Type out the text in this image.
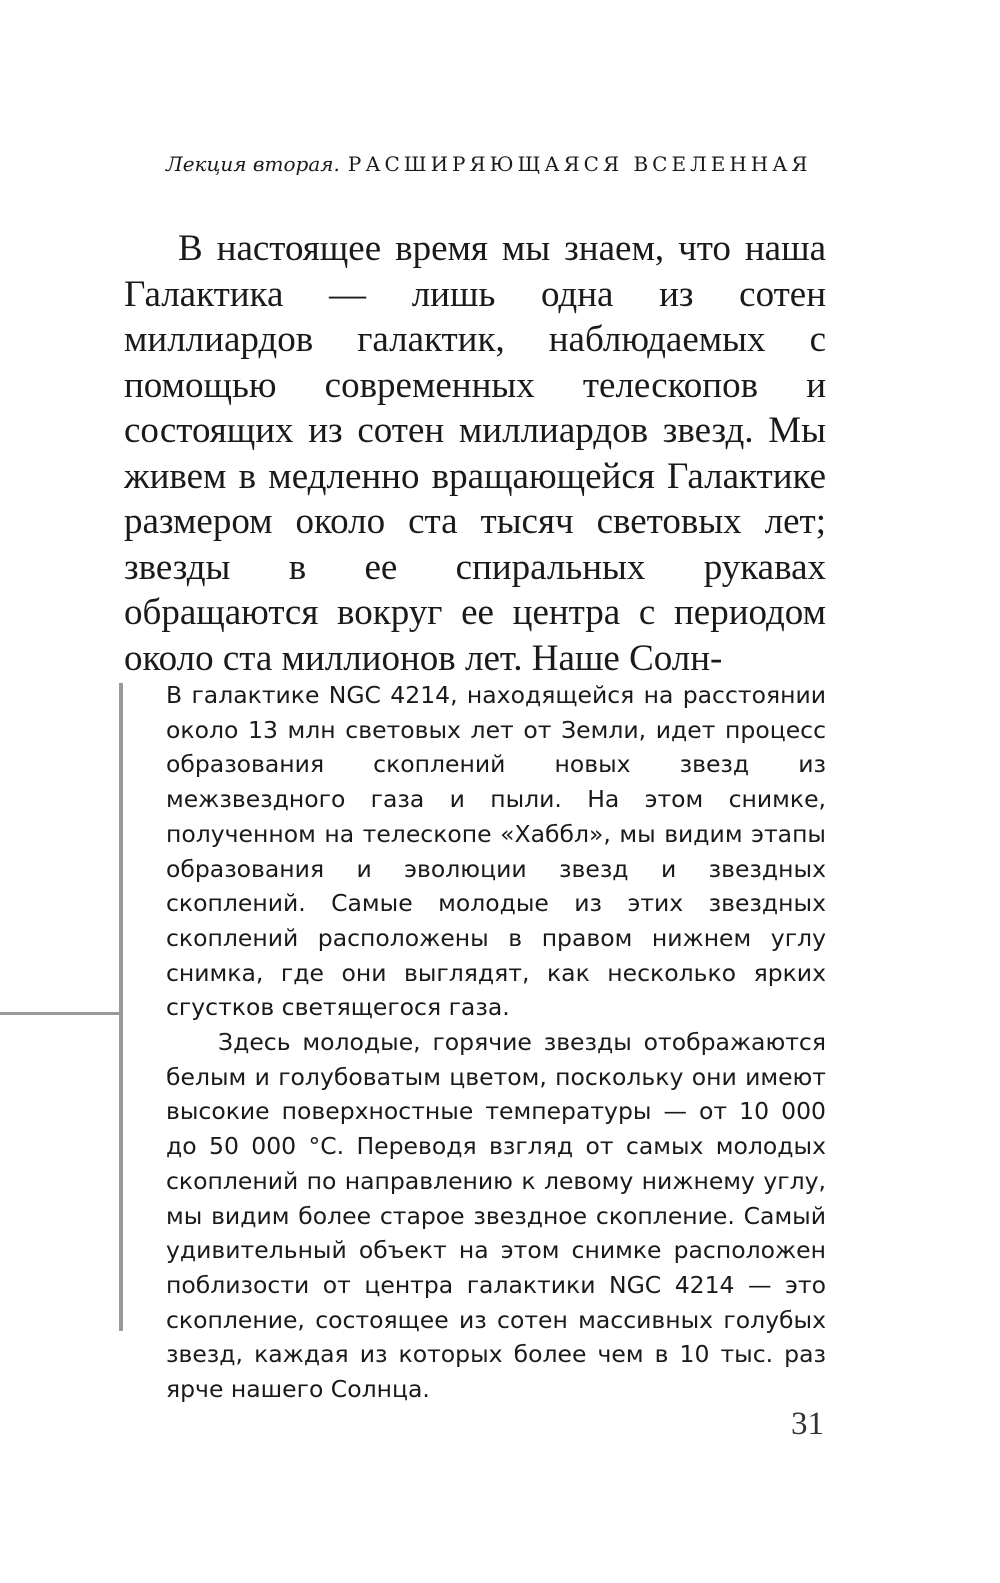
Лекция вторая. РАСШИРЯЮЩАЯСЯ ВСЕЛЕННАЯ

В настоящее время мы знаем, что наша Галактика — лишь одна из сотен миллиардов галактик, наблюдаемых с помощью современных телескопов и состоящих из сотен миллиардов звезд. Мы живем в медленно вращающейся Галактике размером около ста тысяч световых лет; звезды в ее спиральных рукавах обращаются вокруг ее центра с периодом около ста миллионов лет. Наше Солн-

В галактике NGC 4214, находящейся на расстоянии около 13 млн световых лет от Земли, идет процесс образования скоплений новых звезд из межзвездного газа и пыли. На этом снимке, полученном на телескопе «Хаббл», мы видим этапы образования и эволюции звезд и звездных скоплений. Самые молодые из этих звездных скоплений расположены в правом нижнем углу снимка, где они выглядят, как несколько ярких сгустков светящегося газа.

Здесь молодые, горячие звезды отображаются белым и голубоватым цветом, поскольку они имеют высокие поверхностные температуры — от 10 000 до 50 000 °C. Переводя взгляд от самых молодых скоплений по направлению к левому нижнему углу, мы видим более старое звездное скопление. Самый удивительный объект на этом снимке расположен поблизости от центра галактики NGC 4214 — это скопление, состоящее из сотен массивных голубых звезд, каждая из которых более чем в 10 тыс. раз ярче нашего Солнца.

31
